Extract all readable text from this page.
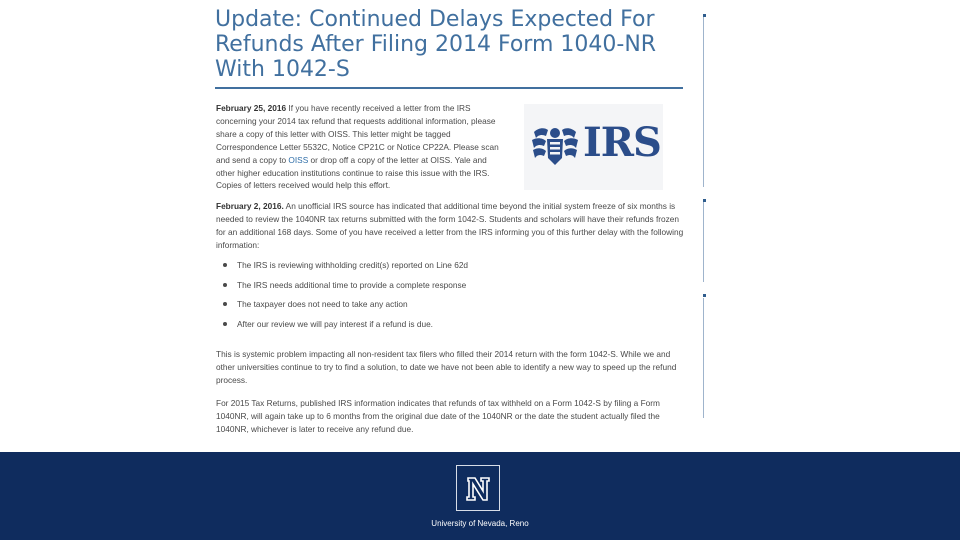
Update: Continued Delays Expected For Refunds After Filing 2014 Form 1040-NR With 1042-S

February 25, 2016 If you have recently received a letter from the IRS concerning your 2014 tax refund that requests additional information, please share a copy of this letter with OISS. This letter might be tagged Correspondence Letter 5532C, Notice CP21C or Notice CP22A. Please scan and send a copy to OISS or drop off a copy of the letter at OISS. Yale and other higher education institutions continue to raise this issue with the IRS. Copies of letters received would help this effort.

IRS

February 2, 2016. An unofficial IRS source has indicated that additional time beyond the initial system freeze of six months is needed to review the 1040NR tax returns submitted with the form 1042-S. Students and scholars will have their refunds frozen for an additional 168 days. Some of you have received a letter from the IRS informing you of this further delay with the following information:

The IRS is reviewing withholding credit(s) reported on Line 62d
The IRS needs additional time to provide a complete response
The taxpayer does not need to take any action
After our review we will pay interest if a refund is due.

This is systemic problem impacting all non-resident tax filers who filled their 2014 return with the form 1042-S. While we and other universities continue to try to find a solution, to date we have not been able to identify a new way to speed up the refund process.

For 2015 Tax Returns, published IRS information indicates that refunds of tax withheld on a Form 1042-S by filing a Form 1040NR, will again take up to 6 months from the original due date of the 1040NR or the date the student actually filed the 1040NR, whichever is later to receive any refund due.

University of Nevada, Reno
